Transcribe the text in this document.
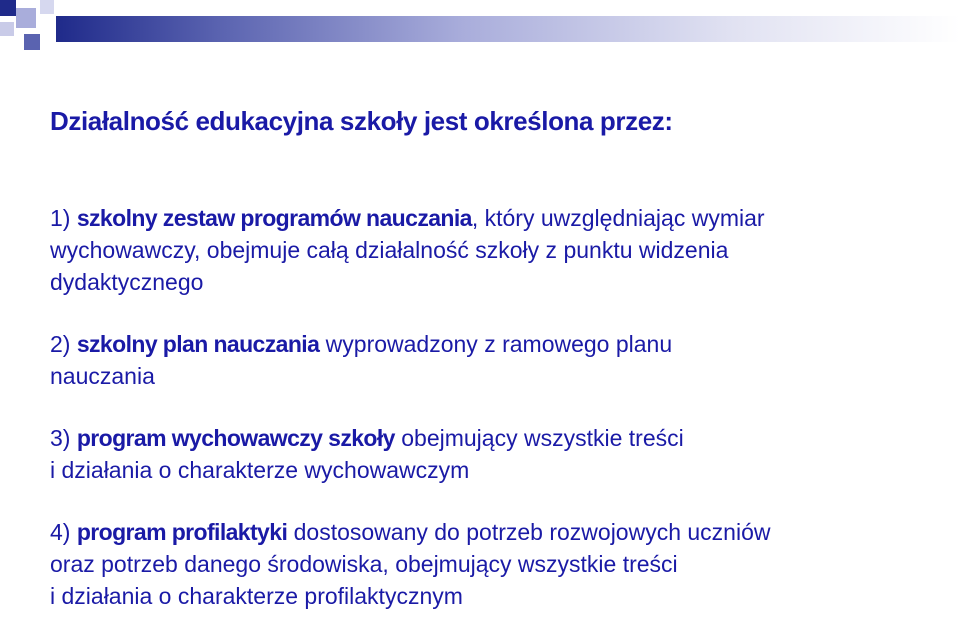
Działalność edukacyjna szkoły jest określona przez:

1) szkolny zestaw programów nauczania, który uwzględniając wymiar
wychowawczy, obejmuje całą działalność szkoły z punktu widzenia
dydaktycznego

2) szkolny plan nauczania wyprowadzony z ramowego planu
nauczania

3) program wychowawczy szkoły obejmujący wszystkie treści
i działania o charakterze wychowawczym

4) program profilaktyki dostosowany do potrzeb rozwojowych uczniów
oraz potrzeb danego środowiska, obejmujący wszystkie treści
i działania o charakterze profilaktycznym
